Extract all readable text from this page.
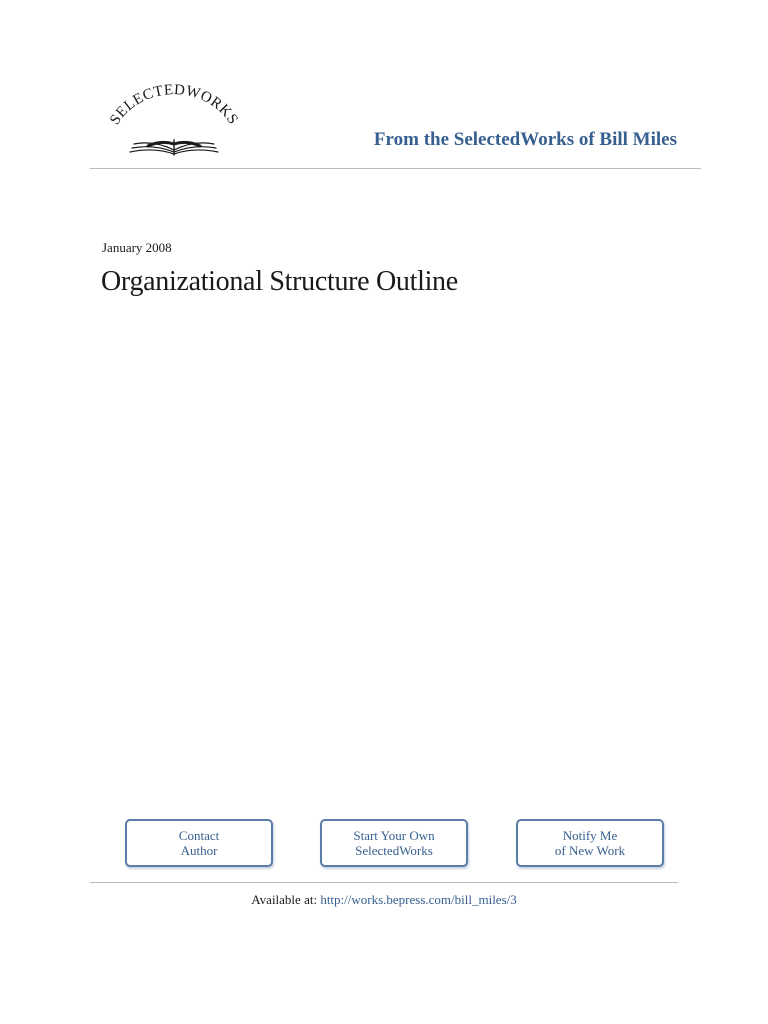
SELECTEDWORKS
From the SelectedWorks of Bill Miles
January 2008
Organizational Structure Outline
Contact
Author
Start Your Own
SelectedWorks
Notify Me
of New Work
Available at: http://works.bepress.com/bill_miles/3
